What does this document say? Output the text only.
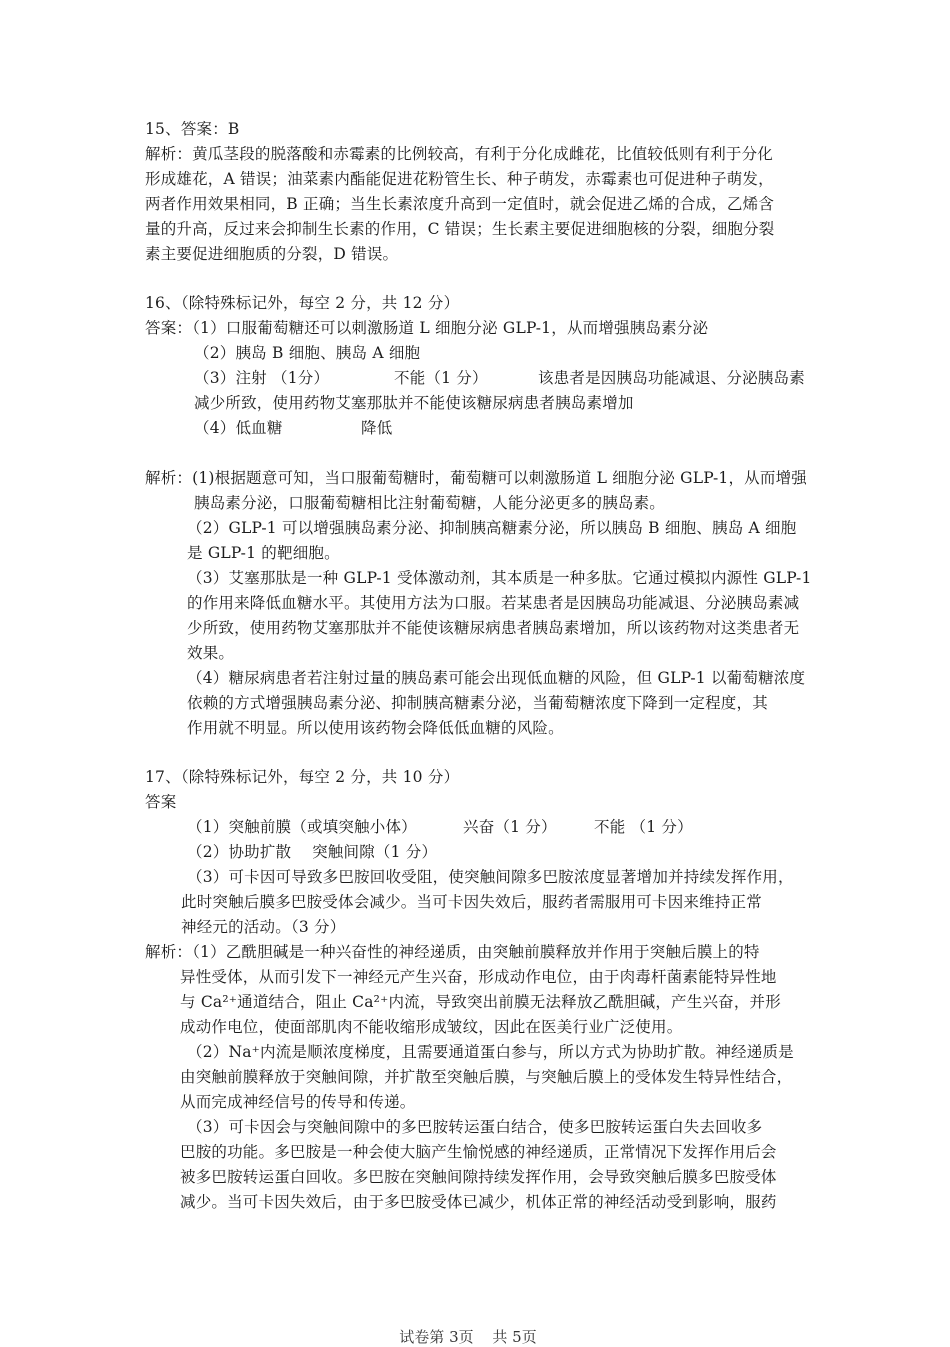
15、答案：B
解析：黄瓜茎段的脱落酸和赤霉素的比例较高，有利于分化成雌花，比值较低则有利于分化
形成雄花，A 错误；油菜素内酯能促进花粉管生长、种子萌发，赤霉素也可促进种子萌发，
两者作用效果相同，B 正确；当生长素浓度升高到一定值时，就会促进乙烯的合成，乙烯含
量的升高，反过来会抑制生长素的作用，C 错误；生长素主要促进细胞核的分裂，细胞分裂
素主要促进细胞质的分裂，D 错误。
16、（除特殊标记外，每空 2 分，共 12 分）
答案：（1）口服葡萄糖还可以刺激肠道 L 细胞分泌 GLP-1，从而增强胰岛素分泌
（2）胰岛 B 细胞、胰岛 A 细胞
（3）注射 （1分）	不能（1 分）	该患者是因胰岛功能减退、分泌胰岛素
减少所致，使用药物艾塞那肽并不能使该糖尿病患者胰岛素增加
（4）低血糖	降低
解析：(1)根据题意可知，当口服葡萄糖时，葡萄糖可以刺激肠道 L 细胞分泌 GLP-1，从而增强
胰岛素分泌，口服葡萄糖相比注射葡萄糖，人能分泌更多的胰岛素。
（2）GLP-1 可以增强胰岛素分泌、抑制胰高糖素分泌，所以胰岛 B 细胞、胰岛 A 细胞
是 GLP-1 的靶细胞。
（3）艾塞那肽是一种 GLP-1 受体激动剂，其本质是一种多肽。它通过模拟内源性 GLP-1
的作用来降低血糖水平。其使用方法为口服。若某患者是因胰岛功能减退、分泌胰岛素减
少所致，使用药物艾塞那肽并不能使该糖尿病患者胰岛素增加，所以该药物对这类患者无
效果。
（4）糖尿病患者若注射过量的胰岛素可能会出现低血糖的风险，但 GLP-1 以葡萄糖浓度
依赖的方式增强胰岛素分泌、抑制胰高糖素分泌，当葡萄糖浓度下降到一定程度，其
作用就不明显。所以使用该药物会降低低血糖的风险。
17、（除特殊标记外，每空 2 分，共 10 分）
答案
（1）突触前膜（或填突触小体）	兴奋（1 分） 不能 （1 分）
（2）协助扩散　 突触间隙（1 分）
（3）可卡因可导致多巴胺回收受阻，使突触间隙多巴胺浓度显著增加并持续发挥作用，
此时突触后膜多巴胺受体会减少。当可卡因失效后，服药者需服用可卡因来维持正常
神经元的活动。（3 分）
解析：（1）乙酰胆碱是一种兴奋性的神经递质，由突触前膜释放并作用于突触后膜上的特
异性受体，从而引发下一神经元产生兴奋，形成动作电位，由于肉毒杆菌素能特异性地
与 Ca²⁺通道结合，阻止 Ca²⁺内流，导致突出前膜无法释放乙酰胆碱，产生兴奋，并形
成动作电位，使面部肌肉不能收缩形成皱纹，因此在医美行业广泛使用。
（2）Na⁺内流是顺浓度梯度，且需要通道蛋白参与，所以方式为协助扩散。神经递质是
由突触前膜释放于突触间隙，并扩散至突触后膜，与突触后膜上的受体发生特异性结合，
从而完成神经信号的传导和传递。
（3）可卡因会与突触间隙中的多巴胺转运蛋白结合，使多巴胺转运蛋白失去回收多
巴胺的功能。多巴胺是一种会使大脑产生愉悦感的神经递质，正常情况下发挥作用后会
被多巴胺转运蛋白回收。多巴胺在突触间隙持续发挥作用，会导致突触后膜多巴胺受体
减少。当可卡因失效后，由于多巴胺受体已减少，机体正常的神经活动受到影响，服药
试卷第 3页 共 5页
